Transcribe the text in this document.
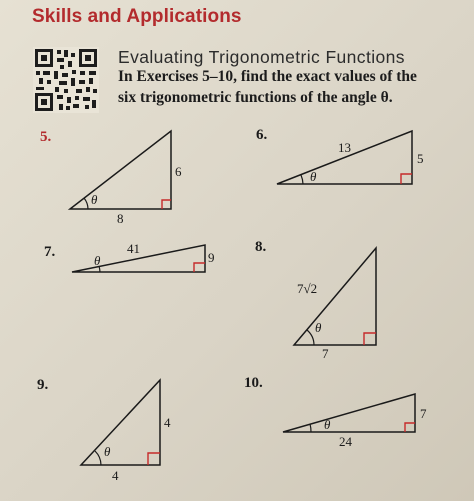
Skills and Applications
Evaluating Trigonometric Functions
In Exercises 5–10, find the exact values of the
six trigonometric functions of the angle θ.
5.
θ
6
8
6.
θ
13
5
7.
θ
41
9
8.
θ
7√2
7
9.
θ
4
4
10.
θ
7
24
